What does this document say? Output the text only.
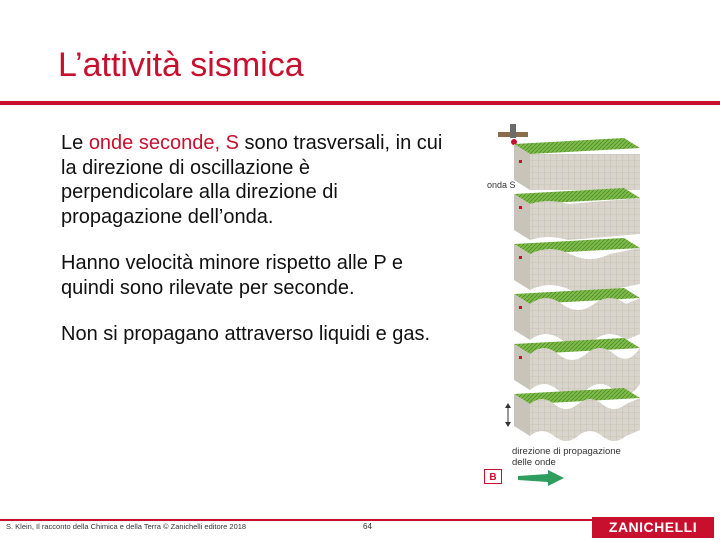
L’attività sismica

Le onde seconde, S sono trasversali, in cui la direzione di oscillazione è perpendicolare alla direzione di propagazione dell’onda.

Hanno velocità minore rispetto alle P e quindi sono rilevate per seconde.

Non si propagano attraverso liquidi e gas.

onda S
direzione di propagazione delle onde
B
S. Klein, Il racconto della Chimica e della Terra © Zanichelli editore 2018	64	ZANICHELLI
